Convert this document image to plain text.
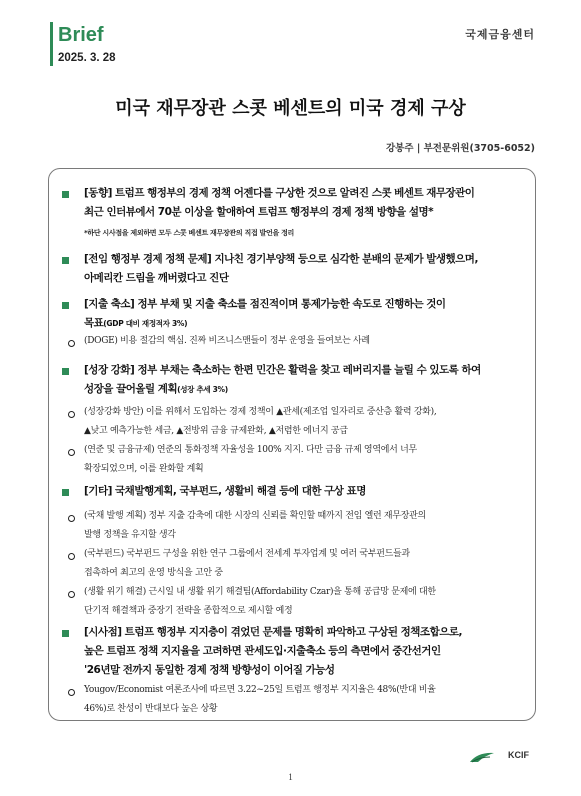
Brief
2025. 3. 28
국제금융센터
미국 재무장관 스콧 베센트의 미국 경제 구상
강봉주 | 부전문위원(3705-6052)
[동향] 트럼프 행정부의 경제 정책 어젠다를 구상한 것으로 알려진 스콧 베센트 재무장관이
최근 인터뷰에서 70분 이상을 할애하여 트럼프 행정부의 경제 정책 방향을 설명*
*하단 시사점을 제외하면 모두 스콧 베센트 재무장관의 직접 발언을 정리
[전임 행정부 경제 정책 문제] 지나친 경기부양책 등으로 심각한 분배의 문제가 발생했으며,
아메리칸 드림을 깨버렸다고 진단
[지출 축소] 정부 부채 및 지출 축소를 점진적이며 통제가능한 속도로 진행하는 것이
목표(GDP 대비 재정적자 3%)
(DOGE) 비용 절감의 핵심. 진짜 비즈니스맨들이 정부 운영을 들여보는 사례
[성장 강화] 정부 부채는 축소하는 한편 민간은 활력을 찾고 레버리지를 늘릴 수 있도록 하여
성장을 끌어올릴 계획(성장 추세 3%)
(성장강화 방안) 이를 위해서 도입하는 경제 정책이 ▲관세(제조업 일자리로 중산층 활력 강화),
▲낮고 예측가능한 세금, ▲전방위 금융 규제완화, ▲저렴한 에너지 공급
(연준 및 금융규제) 연준의 통화정책 자율성을 100% 지지. 다만 금융 규제 영역에서 너무
확장되었으며, 이를 완화할 계획
[기타] 국채발행계획, 국부펀드, 생활비 해결 등에 대한 구상 표명
(국채 발행 계획) 정부 지출 감축에 대한 시장의 신뢰를 확인할 때까지 전임 옐런 재무장관의
발행 정책을 유지할 생각
(국부펀드) 국부펀드 구성을 위한 연구 그룹에서 전세계 투자업계 및 여러 국부펀드들과
접촉하여 최고의 운영 방식을 고안 중
(생활 위기 해결) 근시일 내 생활 위기 해결팀(Affordability Czar)을 통해 공급망 문제에 대한
단기적 해결책과 중장기 전략을 종합적으로 제시할 예정
[시사점] 트럼프 행정부 지지층이 겪었던 문제를 명확히 파악하고 구상된 정책조합으로,
높은 트럼프 정책 지지율을 고려하면 관세도입·지출축소 등의 측면에서 중간선거인
'26년말 전까지 동일한 경제 정책 방향성이 이어질 가능성
Yougov/Economist 여론조사에 따르면 3.22~25일 트럼프 행정부 지지율은 48%(반대 비율
46%)로 찬성이 반대보다 높은 상황
KCIF
1
